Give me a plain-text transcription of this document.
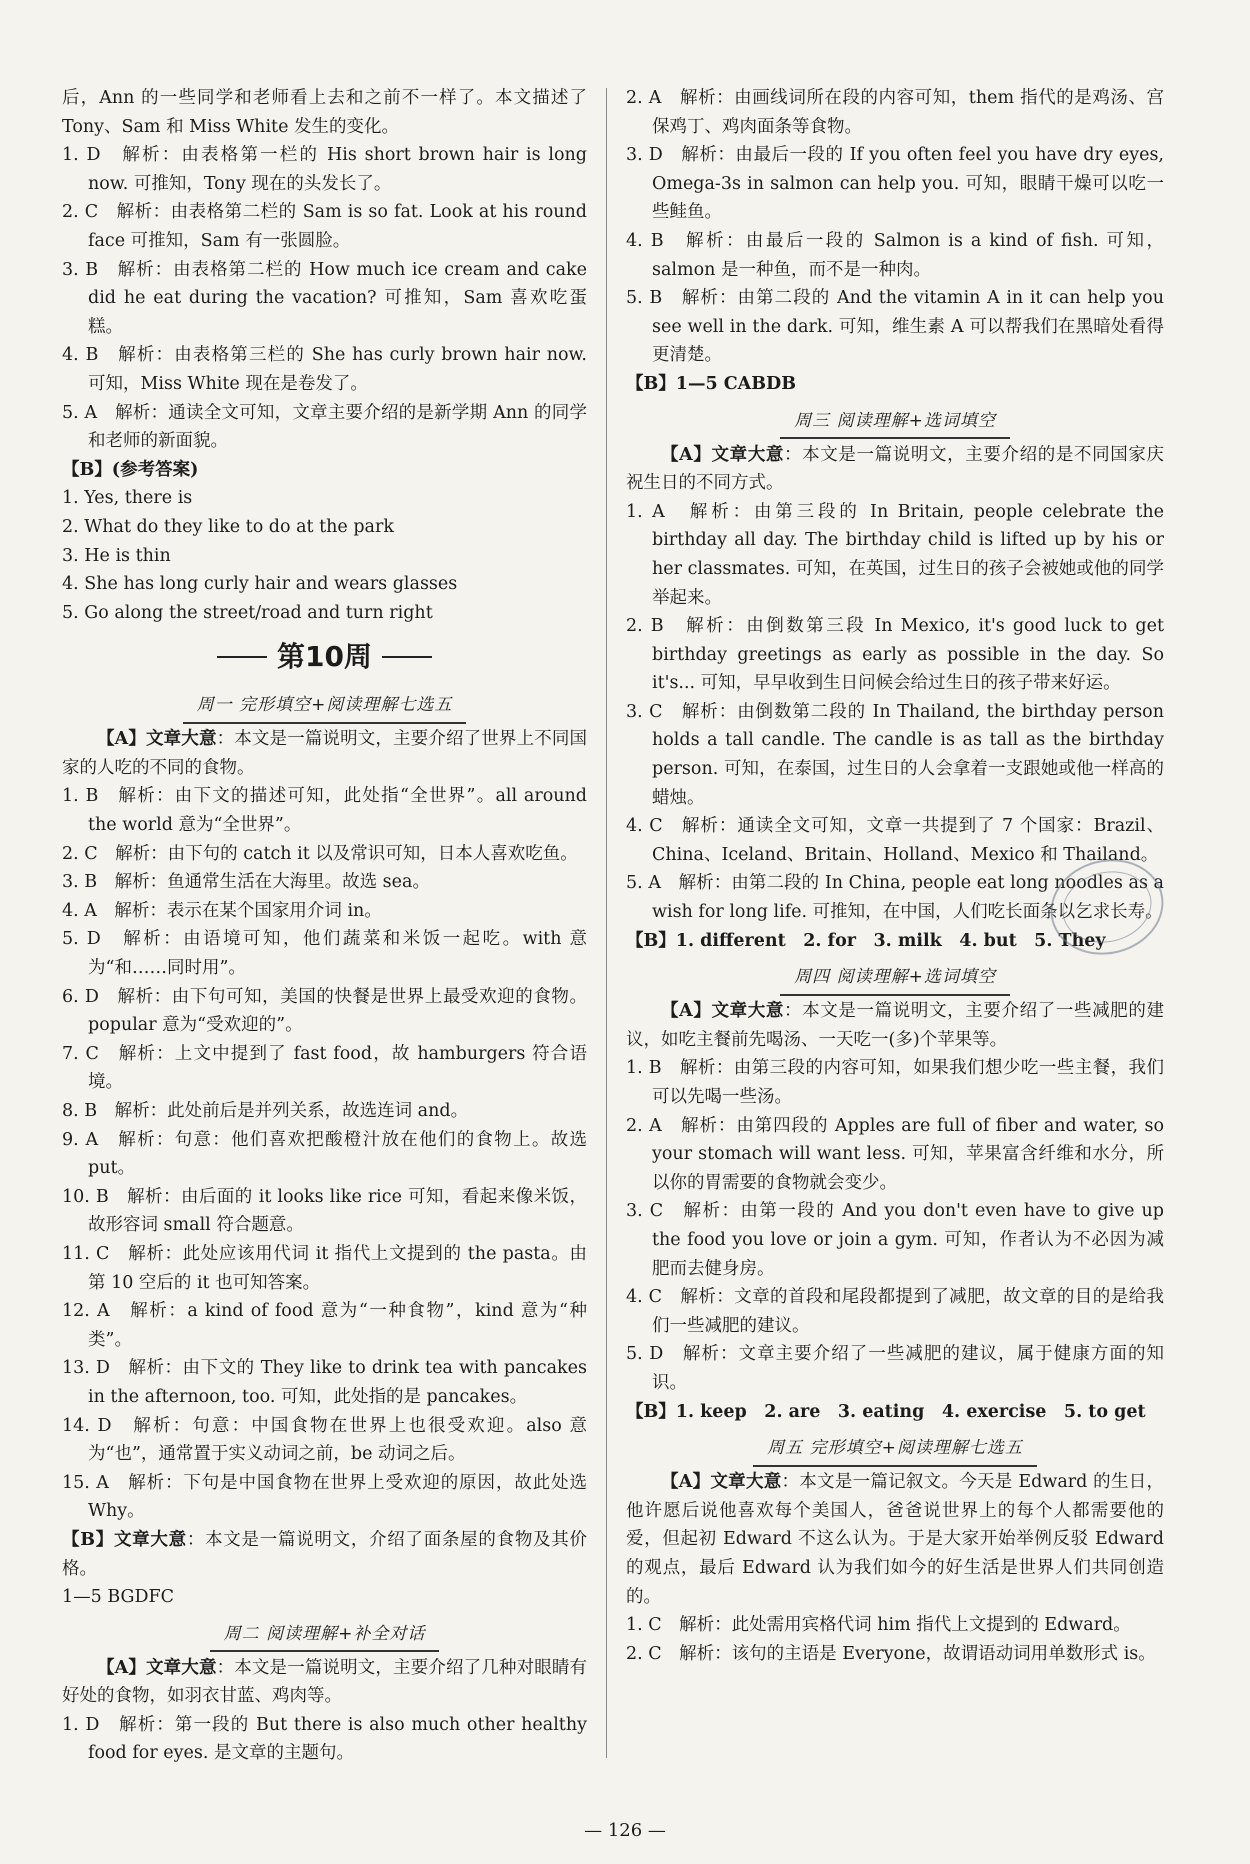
后，Ann 的一些同学和老师看上去和之前不一样了。本文描述了 Tony、Sam 和 Miss White 发生的变化。

1. D　解析：由表格第一栏的 His short brown hair is long now. 可推知，Tony 现在的头发长了。

2. C　解析：由表格第二栏的 Sam is so fat. Look at his round face 可推知，Sam 有一张圆脸。

3. B　解析：由表格第二栏的 How much ice cream and cake did he eat during the vacation? 可推知，Sam 喜欢吃蛋糕。

4. B　解析：由表格第三栏的 She has curly brown hair now. 可知，Miss White 现在是卷发了。

5. A　解析：通读全文可知，文章主要介绍的是新学期 Ann 的同学和老师的新面貌。

【B】(参考答案)

1. Yes, there is

2. What do they like to do at the park

3. He is thin

4. She has long curly hair and wears glasses

5. Go along the street/road and turn right

第10周
周一 完形填空+阅读理解七选五

【A】文章大意：本文是一篇说明文，主要介绍了世界上不同国家的人吃的不同的食物。

1. B　解析：由下文的描述可知，此处指“全世界”。all around the world 意为“全世界”。

2. C　解析：由下句的 catch it 以及常识可知，日本人喜欢吃鱼。

3. B　解析：鱼通常生活在大海里。故选 sea。

4. A　解析：表示在某个国家用介词 in。

5. D　解析：由语境可知，他们蔬菜和米饭一起吃。with 意为“和……同时用”。

6. D　解析：由下句可知，美国的快餐是世界上最受欢迎的食物。popular 意为“受欢迎的”。

7. C　解析：上文中提到了 fast food，故 hamburgers 符合语境。

8. B　解析：此处前后是并列关系，故选连词 and。

9. A　解析：句意：他们喜欢把酸橙汁放在他们的食物上。故选 put。

10. B　解析：由后面的 it looks like rice 可知，看起来像米饭，故形容词 small 符合题意。

11. C　解析：此处应该用代词 it 指代上文提到的 the pasta。由第 10 空后的 it 也可知答案。

12. A　解析：a kind of food 意为“一种食物”，kind 意为“种类”。

13. D　解析：由下文的 They like to drink tea with pancakes in the afternoon, too. 可知，此处指的是 pancakes。

14. D　解析：句意：中国食物在世界上也很受欢迎。also 意为“也”，通常置于实义动词之前，be 动词之后。

15. A　解析：下句是中国食物在世界上受欢迎的原因，故此处选 Why。

【B】文章大意：本文是一篇说明文，介绍了面条屋的食物及其价格。

1—5 BGDFC

周二 阅读理解+补全对话

【A】文章大意：本文是一篇说明文，主要介绍了几种对眼睛有好处的食物，如羽衣甘蓝、鸡肉等。

1. D　解析：第一段的 But there is also much other healthy food for eyes. 是文章的主题句。

2. A　解析：由画线词所在段的内容可知，them 指代的是鸡汤、宫保鸡丁、鸡肉面条等食物。

3. D　解析：由最后一段的 If you often feel you have dry eyes, Omega-3s in salmon can help you. 可知，眼睛干燥可以吃一些鲑鱼。

4. B　解析：由最后一段的 Salmon is a kind of fish. 可知，salmon 是一种鱼，而不是一种肉。

5. B　解析：由第二段的 And the vitamin A in it can help you see well in the dark. 可知，维生素 A 可以帮我们在黑暗处看得更清楚。

【B】1—5 CABDB

周三 阅读理解+选词填空

【A】文章大意：本文是一篇说明文，主要介绍的是不同国家庆祝生日的不同方式。

1. A　解析：由第三段的 In Britain, people celebrate the birthday all day. The birthday child is lifted up by his or her classmates. 可知，在英国，过生日的孩子会被她或他的同学举起来。

2. B　解析：由倒数第三段 In Mexico, it's good luck to get birthday greetings as early as possible in the day. So it's... 可知，早早收到生日问候会给过生日的孩子带来好运。

3. C　解析：由倒数第二段的 In Thailand, the birthday person holds a tall candle. The candle is as tall as the birthday person. 可知，在泰国，过生日的人会拿着一支跟她或他一样高的蜡烛。

4. C　解析：通读全文可知，文章一共提到了 7 个国家：Brazil、China、Iceland、Britain、Holland、Mexico 和 Thailand。

5. A　解析：由第二段的 In China, people eat long noodles as a wish for long life. 可推知，在中国，人们吃长面条以乞求长寿。

【B】1. different　2. for　3. milk　4. but　5. They

周四 阅读理解+选词填空

【A】文章大意：本文是一篇说明文，主要介绍了一些减肥的建议，如吃主餐前先喝汤、一天吃一(多)个苹果等。

1. B　解析：由第三段的内容可知，如果我们想少吃一些主餐，我们可以先喝一些汤。

2. A　解析：由第四段的 Apples are full of fiber and water, so your stomach will want less. 可知，苹果富含纤维和水分，所以你的胃需要的食物就会变少。

3. C　解析：由第一段的 And you don't even have to give up the food you love or join a gym. 可知，作者认为不必因为减肥而去健身房。

4. C　解析：文章的首段和尾段都提到了减肥，故文章的目的是给我们一些减肥的建议。

5. D　解析：文章主要介绍了一些减肥的建议，属于健康方面的知识。

【B】1. keep　2. are　3. eating　4. exercise　5. to get

周五 完形填空+阅读理解七选五

【A】文章大意：本文是一篇记叙文。今天是 Edward 的生日，他许愿后说他喜欢每个美国人，爸爸说世界上的每个人都需要他的爱，但起初 Edward 不这么认为。于是大家开始举例反驳 Edward 的观点，最后 Edward 认为我们如今的好生活是世界人们共同创造的。

1. C　解析：此处需用宾格代词 him 指代上文提到的 Edward。

2. C　解析：该句的主语是 Everyone，故谓语动词用单数形式 is。

— 126 —
